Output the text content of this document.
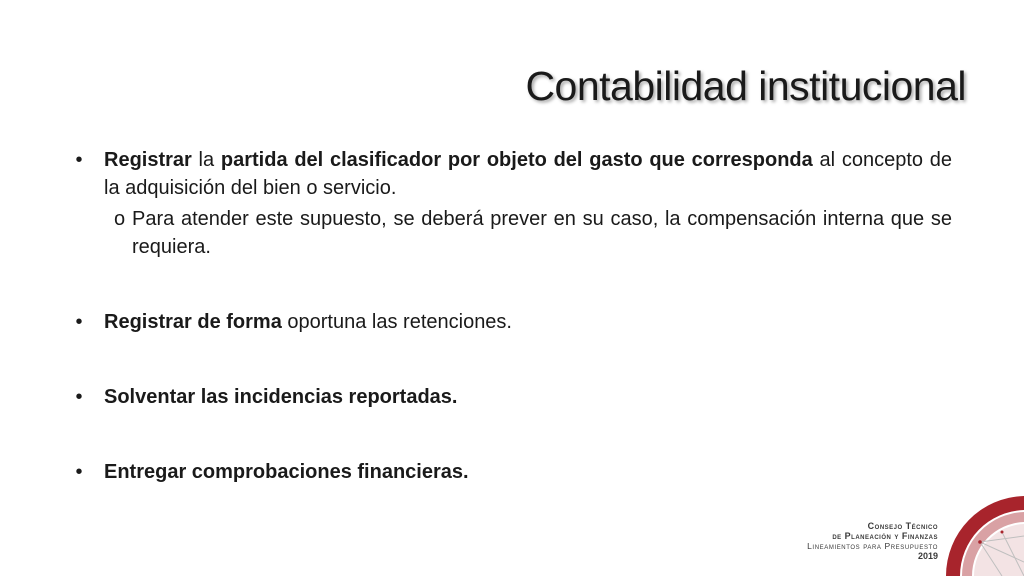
Contabilidad institucional
• Registrar la partida del clasificador por objeto del gasto que corresponda al concepto de la adquisición del bien o servicio.
o Para atender este supuesto, se deberá prever en su caso, la compensación interna que se requiera.
• Registrar de forma oportuna las retenciones.
• Solventar las incidencias reportadas.
• Entregar comprobaciones financieras.
Consejo Técnico
de Planeación y Finanzas
Lineamientos para Presupuesto
2019
